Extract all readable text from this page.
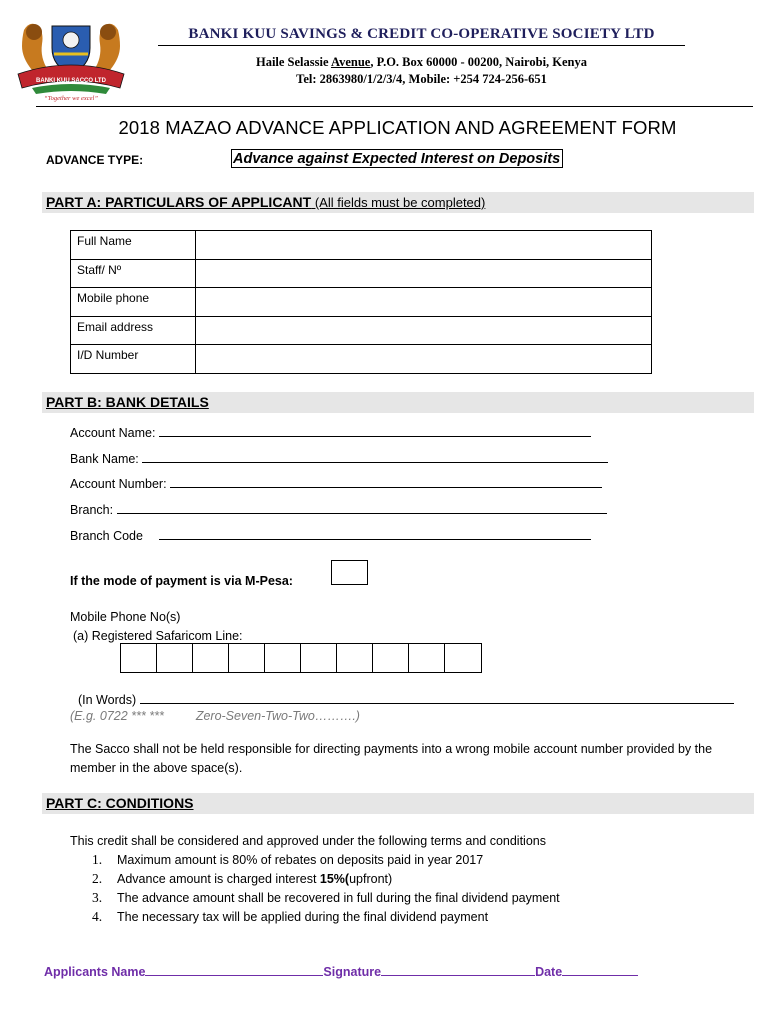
BANKI KUU SACCO LTD
“Together we excel”
BANKI KUU SAVINGS & CREDIT CO-OPERATIVE SOCIETY LTD
Haile Selassie Avenue, P.O. Box 60000 - 00200, Nairobi, Kenya
Tel: 2863980/1/2/3/4, Mobile: +254 724-256-651
2018 MAZAO ADVANCE APPLICATION AND AGREEMENT FORM
ADVANCE TYPE:	Advance against Expected Interest on Deposits
PART A: PARTICULARS OF APPLICANT (All fields must be completed)
Full Name	
Staff/ Nº	
Mobile phone	
Email address	
I/D Number	
PART B: BANK DETAILS
Account Name:
Bank Name:
Account Number:
Branch:
Branch Code
If the mode of payment is via M-Pesa:
Mobile Phone No(s)
(a) Registered Safaricom Line:
(In Words)
(E.g. 0722 *** ***	Zero-Seven-Two-Two……….)
The Sacco shall not be held responsible for directing payments into a wrong mobile account number provided by the member in the above space(s).
PART C: CONDITIONS
This credit shall be considered and approved under the following terms and conditions
1. Maximum amount is 80% of rebates on deposits paid in year 2017
2. Advance amount is charged interest 15%(upfront)
3. The advance amount shall be recovered in full during the final dividend payment
4. The necessary tax will be applied during the final dividend payment
Applicants Name	Signature	Date
